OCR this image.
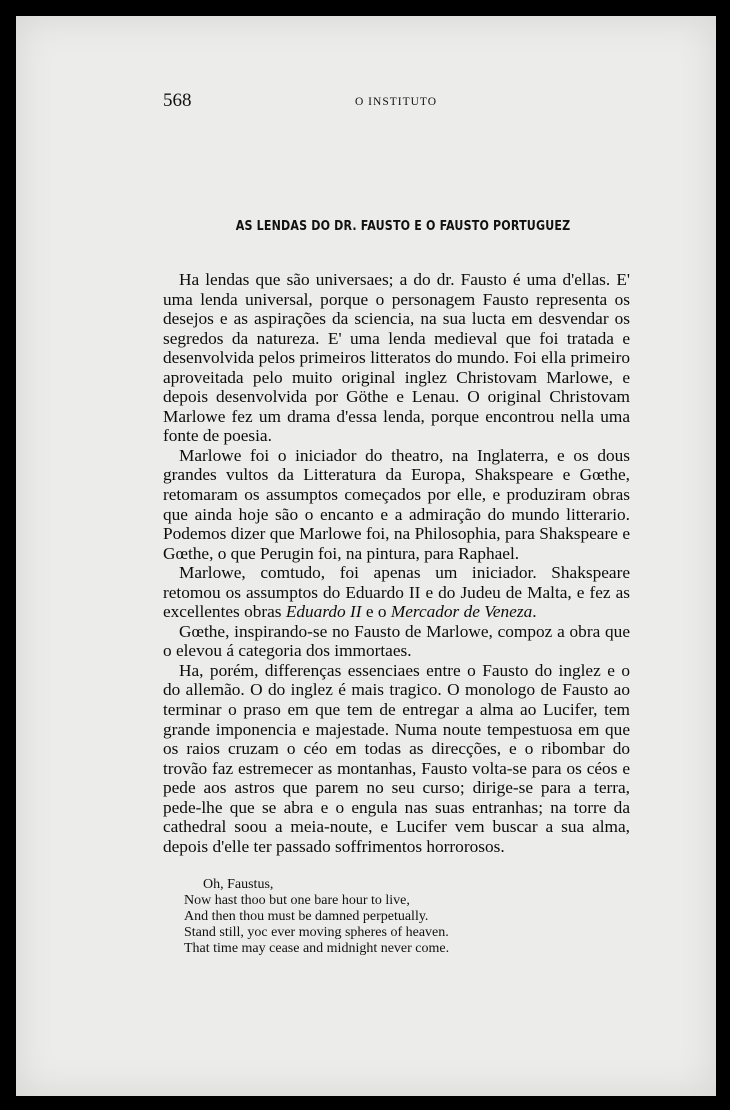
568	O INSTITUTO
AS LENDAS DO DR. FAUSTO E O FAUSTO PORTUGUEZ

Ha lendas que são universaes; a do dr. Fausto é uma d'ellas. E' uma lenda universal, porque o personagem Fausto representa os desejos e as aspirações da sciencia, na sua lucta em desvendar os segredos da natureza. E' uma lenda medieval que foi tratada e desenvolvida pelos primeiros litteratos do mundo. Foi ella primeiro aproveitada pelo muito original inglez Christovam Marlowe, e depois desenvolvida por Göthe e Lenau. O original Christovam Marlowe fez um drama d'essa lenda, porque encontrou nella uma fonte de poesia.

Marlowe foi o iniciador do theatro, na Inglaterra, e os dous grandes vultos da Litteratura da Europa, Shakspeare e Gœthe, retomaram os assumptos começados por elle, e produziram obras que ainda hoje são o encanto e a admiração do mundo litterario. Podemos dizer que Marlowe foi, na Philosophia, para Shakspeare e Gœthe, o que Perugin foi, na pintura, para Raphael.

Marlowe, comtudo, foi apenas um iniciador. Shakspeare retomou os assumptos do Eduardo II e do Judeu de Malta, e fez as excellentes obras Eduardo II e o Mercador de Veneza.

Gœthe, inspirando-se no Fausto de Marlowe, compoz a obra que o elevou á categoria dos immortaes.

Ha, porém, differenças essenciaes entre o Fausto do inglez e o do allemão. O do inglez é mais tragico. O monologo de Fausto ao terminar o praso em que tem de entregar a alma ao Lucifer, tem grande imponencia e majestade. Numa noute tempestuosa em que os raios cruzam o céo em todas as direcções, e o ribombar do trovão faz estremecer as montanhas, Fausto volta-se para os céos e pede aos astros que parem no seu curso; dirige-se para a terra, pede-lhe que se abra e o engula nas suas entranhas; na torre da cathedral soou a meia-noute, e Lucifer vem buscar a sua alma, depois d'elle ter passado soffrimentos horrorosos.

Oh, Faustus,
Now hast thoo but one bare hour to live,
And then thou must be damned perpetually.
Stand still, yoc ever moving spheres of heaven.
That time may cease and midnight never come.
